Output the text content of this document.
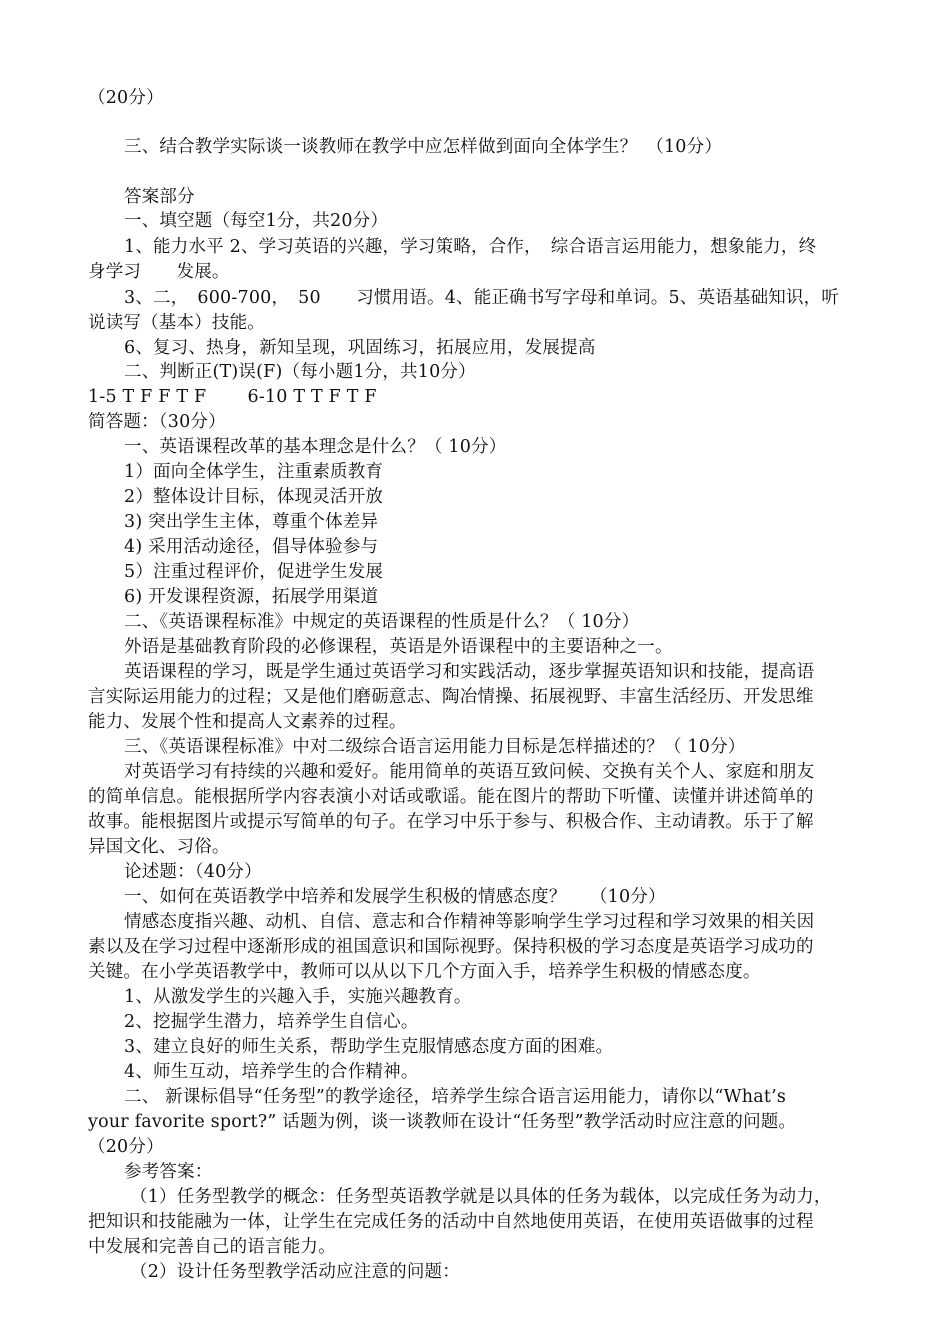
（20分）
三、结合教学实际谈一谈教师在教学中应怎样做到面向全体学生？　（10分）
答案部分
一、填空题（每空1分，共20分）
1、能力水平 2、学习英语的兴趣，学习策略，合作，　综合语言运用能力，想象能力，终
身学习　　发展。
3、二，　600-700，　50　　习惯用语。4、能正确书写字母和单词。5、英语基础知识，听
说读写（基本）技能。
6、复习、热身，新知呈现，巩固练习，拓展应用，发展提高
二、判断正(T)误(F)（每小题1分，共10分）
1-5 T F F T F　　 6-10 T T F T F
简答题：（30分）
一、英语课程改革的基本理念是什么？（ 10分）
1）面向全体学生，注重素质教育
2）整体设计目标，体现灵活开放
3) 突出学生主体，尊重个体差异
4) 采用活动途径，倡导体验参与
5）注重过程评价，促进学生发展
6) 开发课程资源，拓展学用渠道
二、《英语课程标准》中规定的英语课程的性质是什么？（ 10分）
外语是基础教育阶段的必修课程，英语是外语课程中的主要语种之一。
英语课程的学习，既是学生通过英语学习和实践活动，逐步掌握英语知识和技能，提高语
言实际运用能力的过程；又是他们磨砺意志、陶冶情操、拓展视野、丰富生活经历、开发思维
能力、发展个性和提高人文素养的过程。
三、《英语课程标准》中对二级综合语言运用能力目标是怎样描述的？（ 10分）
对英语学习有持续的兴趣和爱好。能用简单的英语互致问候、交换有关个人、家庭和朋友
的简单信息。能根据所学内容表演小对话或歌谣。能在图片的帮助下听懂、读懂并讲述简单的
故事。能根据图片或提示写简单的句子。在学习中乐于参与、积极合作、主动请教。乐于了解
异国文化、习俗。
论述题：（40分）
一、如何在英语教学中培养和发展学生积极的情感态度？　 （10分）
情感态度指兴趣、动机、自信、意志和合作精神等影响学生学习过程和学习效果的相关因
素以及在学习过程中逐渐形成的祖国意识和国际视野。保持积极的学习态度是英语学习成功的
关键。在小学英语教学中，教师可以从以下几个方面入手，培养学生积极的情感态度。
1、从激发学生的兴趣入手，实施兴趣教育。
2、挖掘学生潜力，培养学生自信心。
3、建立良好的师生关系，帮助学生克服情感态度方面的困难。
4、师生互动，培养学生的合作精神。
二、 新课标倡导“任务型”的教学途径，培养学生综合语言运用能力，请你以“What’s
your favorite sport?” 话题为例，谈一谈教师在设计“任务型”教学活动时应注意的问题。
（20分）
参考答案：
（1）任务型教学的概念：任务型英语教学就是以具体的任务为载体，以完成任务为动力，
把知识和技能融为一体，让学生在完成任务的活动中自然地使用英语，在使用英语做事的过程
中发展和完善自己的语言能力。
（2）设计任务型教学活动应注意的问题：
